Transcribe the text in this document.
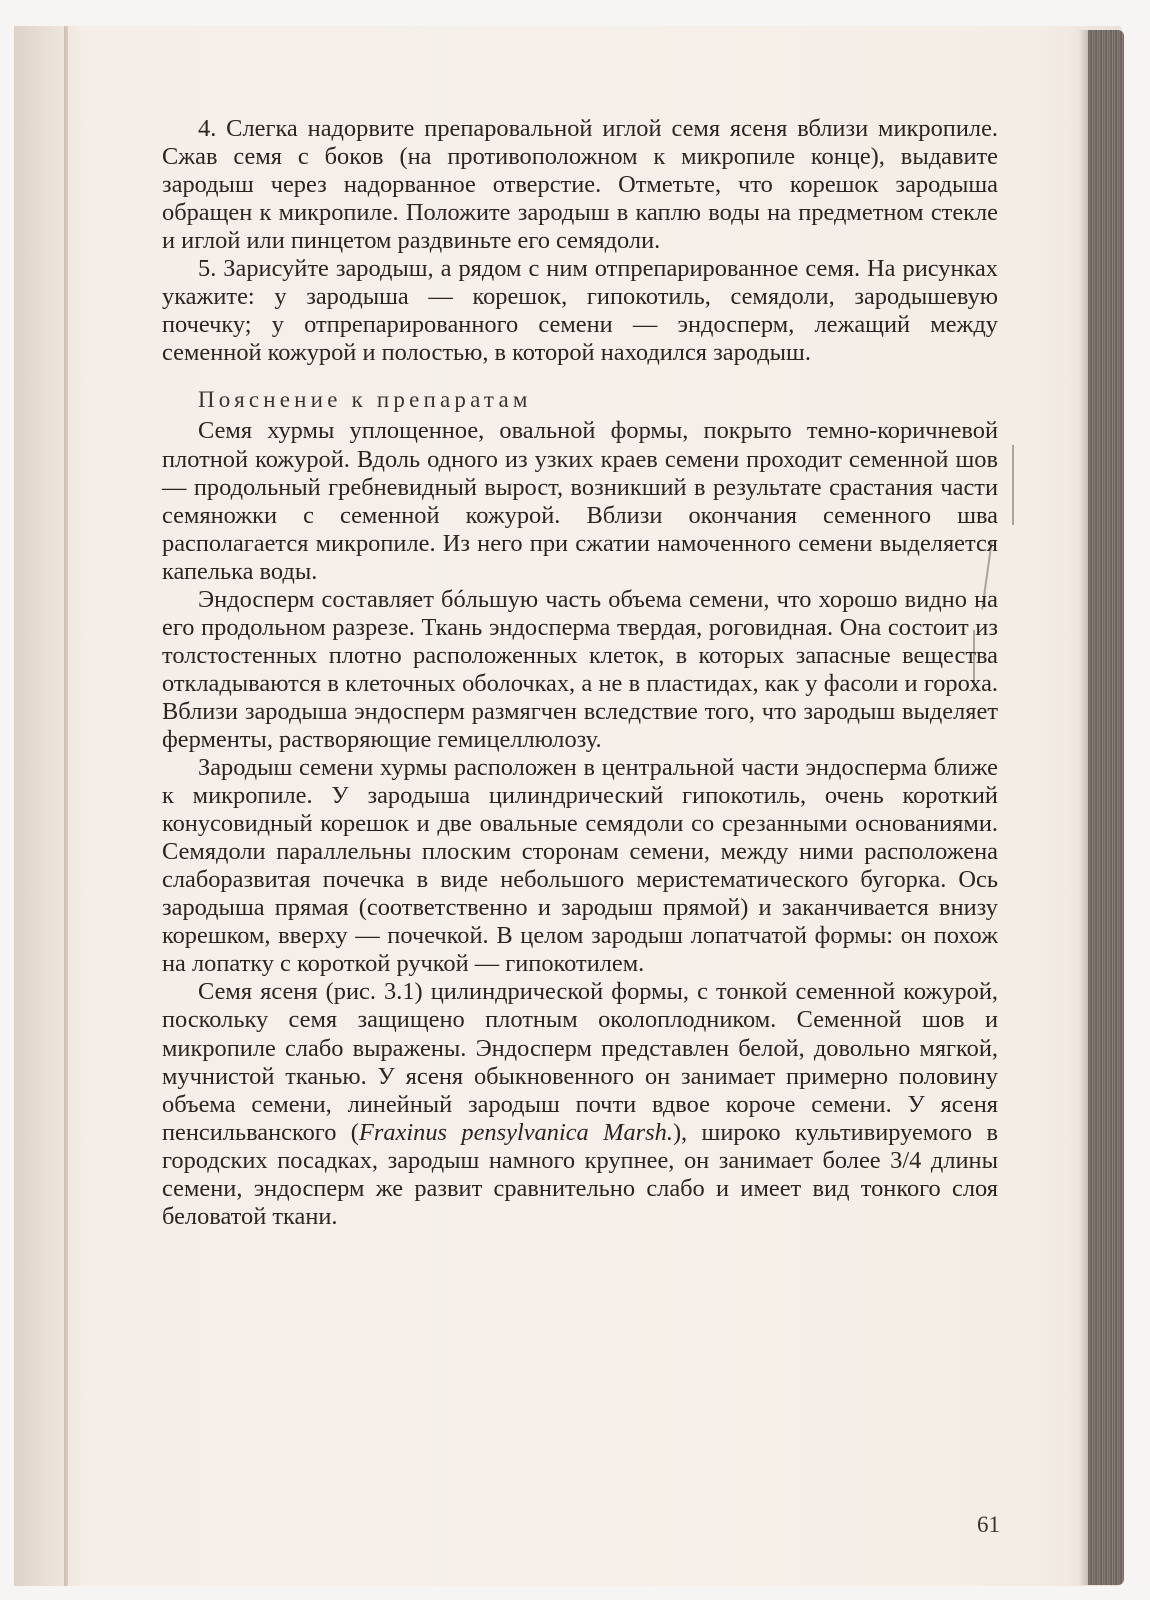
4. Слегка надорвите препаровальной иглой семя ясеня вблизи микропиле. Сжав семя с боков (на противоположном к микропиле конце), выдавите зародыш через надорванное отверстие. Отметьте, что корешок зародыша обращен к микропиле. Положите зародыш в каплю воды на предметном стекле и иглой или пинцетом раздвиньте его семядоли.

5. Зарисуйте зародыш, а рядом с ним отпрепарированное семя. На рисунках укажите: у зародыша — корешок, гипокотиль, семядоли, зародышевую почечку; у отпрепарированного семени — эндосперм, лежащий между семенной кожурой и полостью, в которой находился зародыш.

Пояснение к препаратам

Семя хурмы уплощенное, овальной формы, покрыто темно-коричневой плотной кожурой. Вдоль одного из узких краев семени проходит семенной шов — продольный гребневидный вырост, возникший в результате срастания части семяножки с семенной кожурой. Вблизи окончания семенного шва располагается микропиле. Из него при сжатии намоченного семени выделяется капелька воды.

Эндосперм составляет бóльшую часть объема семени, что хорошо видно на его продольном разрезе. Ткань эндосперма твердая, роговидная. Она состоит из толстостенных плотно расположенных клеток, в которых запасные вещества откладываются в клеточных оболочках, а не в пластидах, как у фасоли и гороха. Вблизи зародыша эндосперм размягчен вследствие того, что зародыш выделяет ферменты, растворяющие гемицеллюлозу.

Зародыш семени хурмы расположен в центральной части эндосперма ближе к микропиле. У зародыша цилиндрический гипокотиль, очень короткий конусовидный корешок и две овальные семядоли со срезанными основаниями. Семядоли параллельны плоским сторонам семени, между ними расположена слаборазвитая почечка в виде небольшого меристематического бугорка. Ось зародыша прямая (соответственно и зародыш прямой) и заканчивается внизу корешком, вверху — почечкой. В целом зародыш лопатчатой формы: он похож на лопатку с короткой ручкой — гипокотилем.

Семя ясеня (рис. 3.1) цилиндрической формы, с тонкой семенной кожурой, поскольку семя защищено плотным околоплодником. Семенной шов и микропиле слабо выражены. Эндосперм представлен белой, довольно мягкой, мучнистой тканью. У ясеня обыкновенного он занимает примерно половину объема семени, линейный зародыш почти вдвое короче семени. У ясеня пенсильванского (Fraxinus pensylvanica Marsh.), широко культивируемого в городских посадках, зародыш намного крупнее, он занимает более 3/4 длины семени, эндосперм же развит сравнительно слабо и имеет вид тонкого слоя беловатой ткани.

61
